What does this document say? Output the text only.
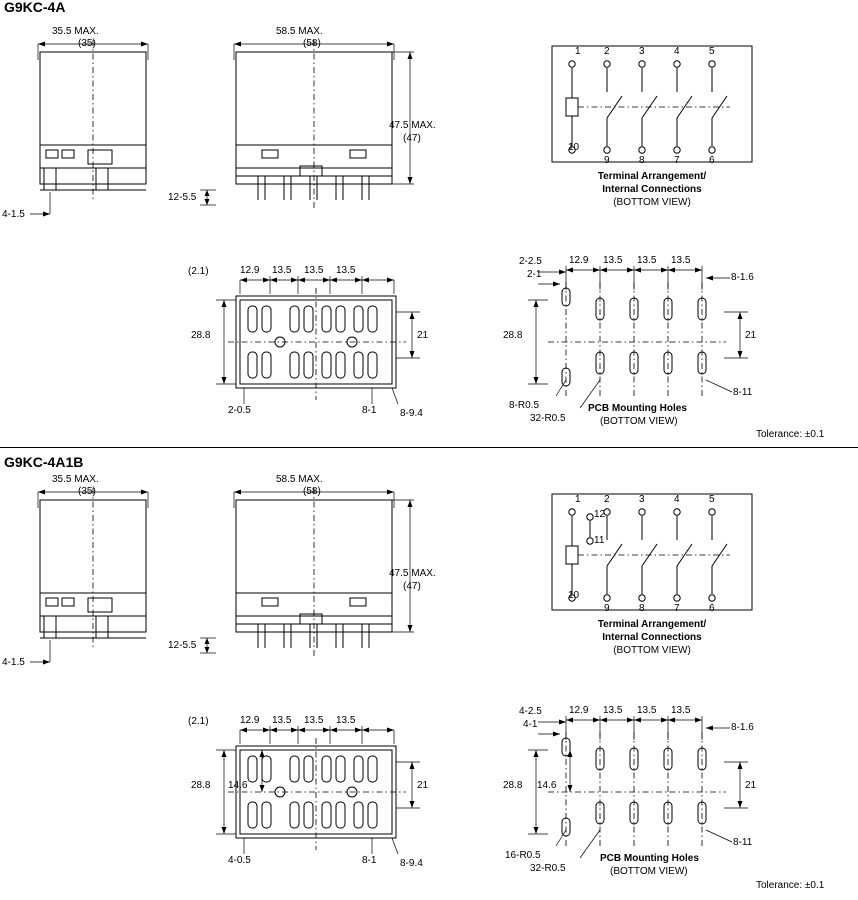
G9KC-4A
35.5 MAX.
(35)
4-1.5
58.5 MAX.
(58)
47.5 MAX.
(47)
12-5.5
1 2	3	4	5
10
9	8	7	6
Terminal Arrangement/
Internal Connections
(BOTTOM VIEW)
(2.1)	12.9 13.5 13.5 13.5
28.8	21
2-0.5	8-1 8-9.4
2-2.5
2-1
12.9 13.5 13.5 13.5
8-1.6
28.8	21
8-R0.5
32-R0.5
8-11
PCB Mounting Holes
(BOTTOM VIEW)
Tolerance: ±0.1
G9KC-4A1B
35.5 MAX.
(35)
4-1.5
58.5 MAX.
(58)
47.5 MAX.
(47)
12-5.5
1 2	3	4	5
12
11
10
9	8	7	6
Terminal Arrangement/
Internal Connections
(BOTTOM VIEW)
(2.1)	12.9 13.5 13.5 13.5
28.8 14.6	21
4-0.5	8-1 8-9.4
4-2.5
4-1
12.9 13.5 13.5 13.5
8-1.6
28.8 14.6	21
16-R0.5
32-R0.5
8-11
PCB Mounting Holes
(BOTTOM VIEW)
Tolerance: ±0.1
